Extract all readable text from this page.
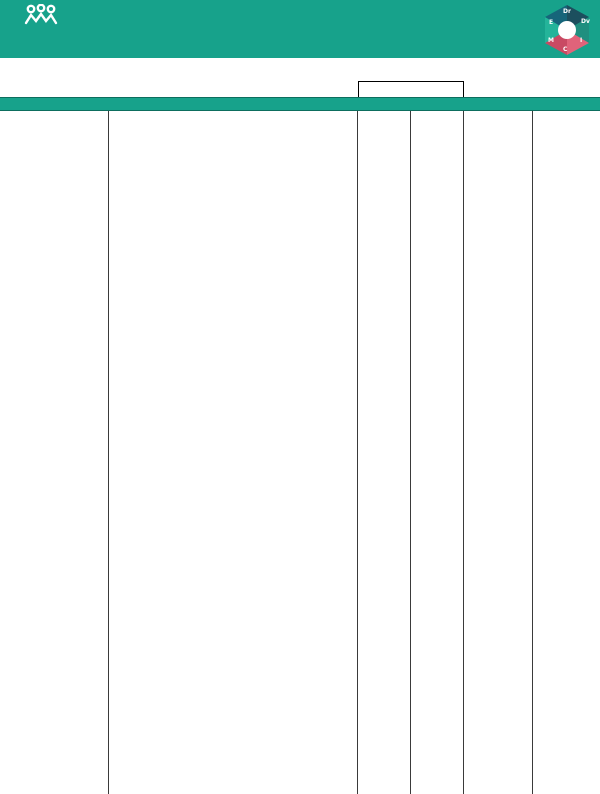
Dr
Dv
I
C
M
E
